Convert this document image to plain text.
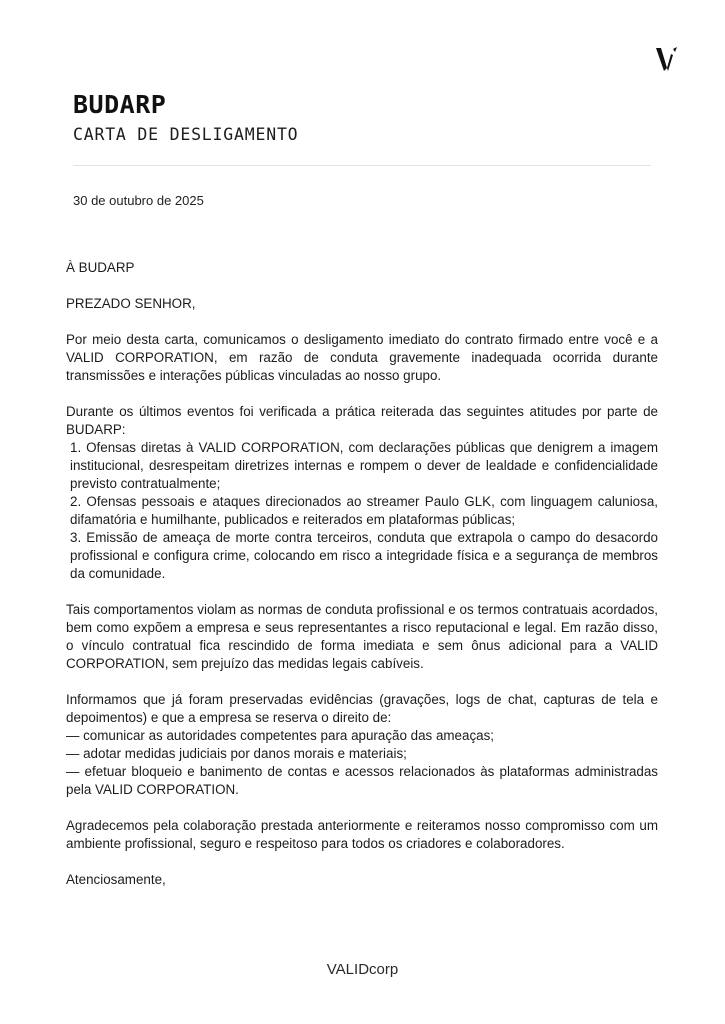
BUDARP
CARTA DE DESLIGAMENTO
30 de outubro de 2025

À BUDARP

PREZADO SENHOR,

Por meio desta carta, comunicamos o desligamento imediato do contrato firmado entre você e a VALID CORPORATION, em razão de conduta gravemente inadequada ocorrida durante transmissões e interações públicas vinculadas ao nosso grupo.

Durante os últimos eventos foi verificada a prática reiterada das seguintes atitudes por parte de BUDARP:

1. Ofensas diretas à VALID CORPORATION, com declarações públicas que denigrem a imagem institucional, desrespeitam diretrizes internas e rompem o dever de lealdade e confidencialidade previsto contratualmente;
2. Ofensas pessoais e ataques direcionados ao streamer Paulo GLK, com linguagem caluniosa, difamatória e humilhante, publicados e reiterados em plataformas públicas;
3. Emissão de ameaça de morte contra terceiros, conduta que extrapola o campo do desacordo profissional e configura crime, colocando em risco a integridade física e a segurança de membros da comunidade.

Tais comportamentos violam as normas de conduta profissional e os termos contratuais acordados, bem como expõem a empresa e seus representantes a risco reputacional e legal. Em razão disso, o vínculo contratual fica rescindido de forma imediata e sem ônus adicional para a VALID CORPORATION, sem prejuízo das medidas legais cabíveis.

Informamos que já foram preservadas evidências (gravações, logs de chat, capturas de tela e depoimentos) e que a empresa se reserva o direito de:

— comunicar as autoridades competentes para apuração das ameaças;
— adotar medidas judiciais por danos morais e materiais;
— efetuar bloqueio e banimento de contas e acessos relacionados às plataformas administradas pela VALID CORPORATION.

Agradecemos pela colaboração prestada anteriormente e reiteramos nosso compromisso com um ambiente profissional, seguro e respeitoso para todos os criadores e colaboradores.

Atenciosamente,

VALIDcorp
